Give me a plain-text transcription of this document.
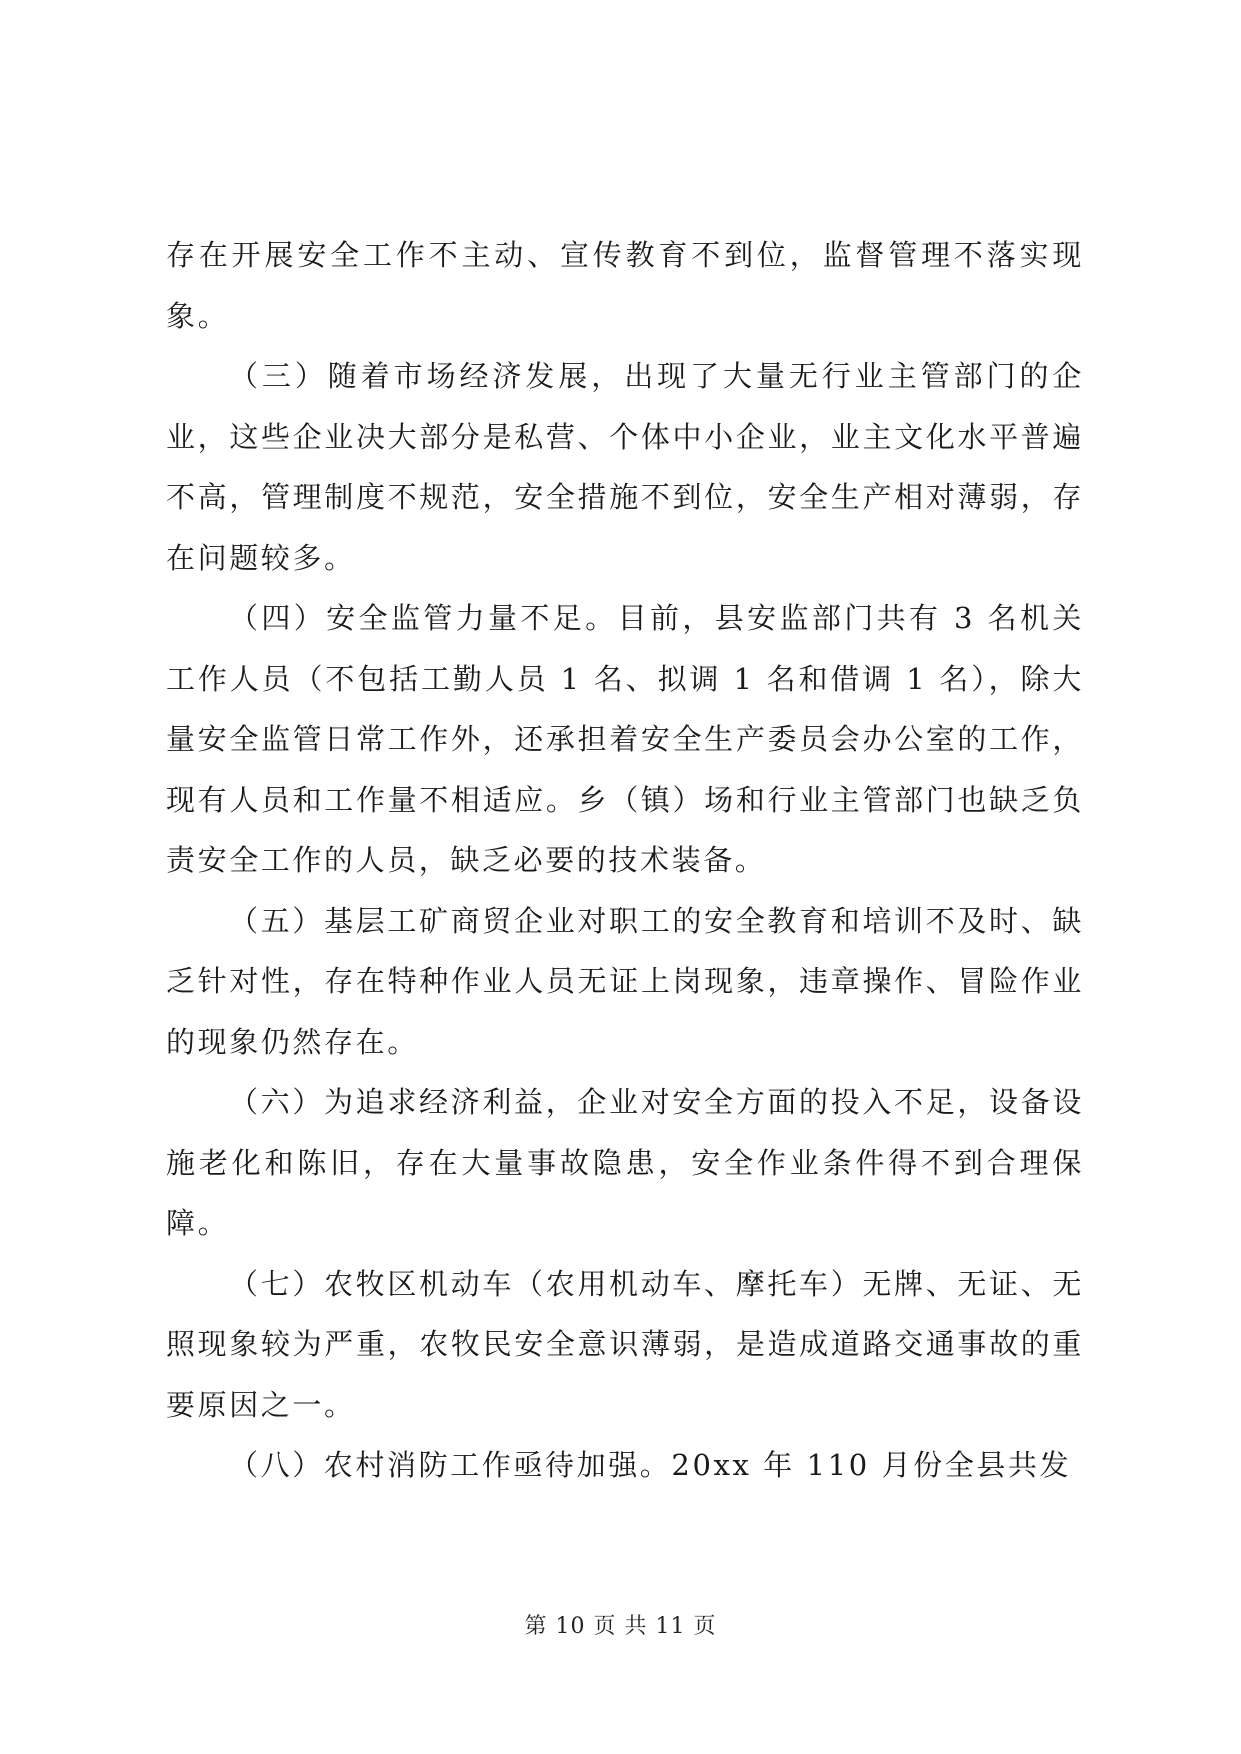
存在开展安全工作不主动、宣传教育不到位，监督管理不落实现象。

（三）随着市场经济发展，出现了大量无行业主管部门的企业，这些企业决大部分是私营、个体中小企业，业主文化水平普遍不高，管理制度不规范，安全措施不到位，安全生产相对薄弱，存在问题较多。

（四）安全监管力量不足。目前，县安监部门共有 3 名机关工作人员（不包括工勤人员 1 名、拟调 1 名和借调 1 名），除大量安全监管日常工作外，还承担着安全生产委员会办公室的工作，现有人员和工作量不相适应。乡（镇）场和行业主管部门也缺乏负责安全工作的人员，缺乏必要的技术装备。

（五）基层工矿商贸企业对职工的安全教育和培训不及时、缺乏针对性，存在特种作业人员无证上岗现象，违章操作、冒险作业的现象仍然存在。

（六）为追求经济利益，企业对安全方面的投入不足，设备设施老化和陈旧，存在大量事故隐患，安全作业条件得不到合理保障。

（七）农牧区机动车（农用机动车、摩托车）无牌、无证、无照现象较为严重，农牧民安全意识薄弱，是造成道路交通事故的重要原因之一。

（八）农村消防工作亟待加强。20xx 年 110 月份全县共发

第 10 页 共 11 页
